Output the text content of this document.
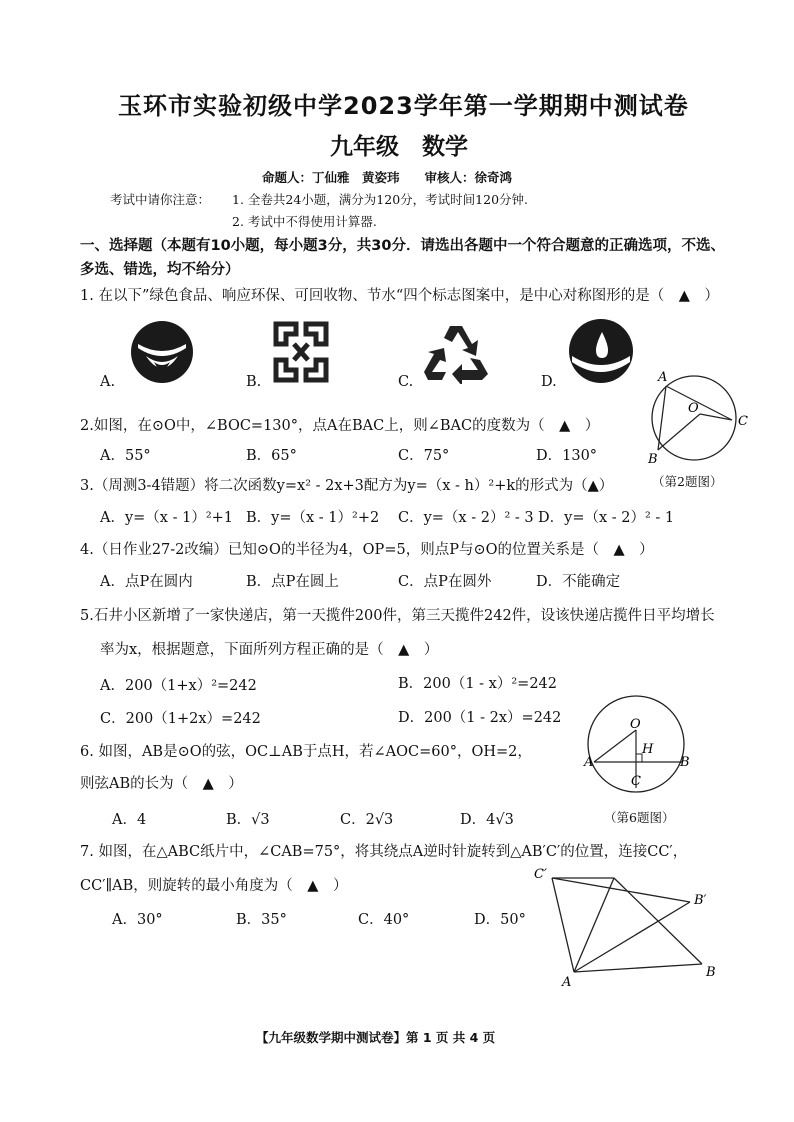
玉环市实验初级中学2023学年第一学期期中测试卷
九年级　数学
命题人：丁仙雅　黄姿玮　　审核人：徐奇鸿
考试中请你注意： 1. 全卷共24小题，满分为120分，考试时间120分钟.
2. 考试中不得使用计算器.
一、选择题（本题有10小题，每小题3分，共30分．请选出各题中一个符合题意的正确选项，不选、
多选、错选，均不给分）
1. 在以下”绿色食品、响应环保、可回收物、节水“四个标志图案中，是中心对称图形的是（　▲　）
A.	B.	C.	D.
2.如图，在⊙O中，∠BOC=130°，点A在BAC上，则∠BAC的度数为（　▲　）
A．55°	B．65°	C．75°	D．130°
A
O
C
B
（第2题图）
3.（周测3-4错题）将二次函数y=x² - 2x+3配方为y=（x - h）²+k的形式为（▲）
A．y=（x - 1）²+1 B．y=（x - 1）²+2 C．y=（x - 2）² - 3 D．y=（x - 2）² - 1
4.（日作业27-2改编）已知⊙O的半径为4，OP=5，则点P与⊙O的位置关系是（　▲　）
A．点P在圆内	B．点P在圆上	C．点P在圆外	D．不能确定
5.石井小区新增了一家快递店，第一天揽件200件，第三天揽件242件，设该快递店揽件日平均增长
率为x，根据题意，下面所列方程正确的是（　▲　）
A．200（1+x）²=242	B．200（1 - x）²=242
C．200（1+2x）=242	D．200（1 - 2x）=242	O
H
A	B
C
6. 如图，AB是⊙O的弦，OC⊥AB于点H，若∠AOC=60°，OH=2，
则弦AB的长为（　▲　）
A．4	B．√3	C．2√3	D．4√3	（第6题图）
7. 如图，在△ABC纸片中，∠CAB=75°，将其绕点A逆时针旋转到△AB′C′的位置，连接CC′，
CC′∥AB，则旋转的最小角度为（　▲　）
A．30°	B．35°	C．40°	D．50°
C′
B′
A
B
【九年级数学期中测试卷】第 1 页 共 4 页
